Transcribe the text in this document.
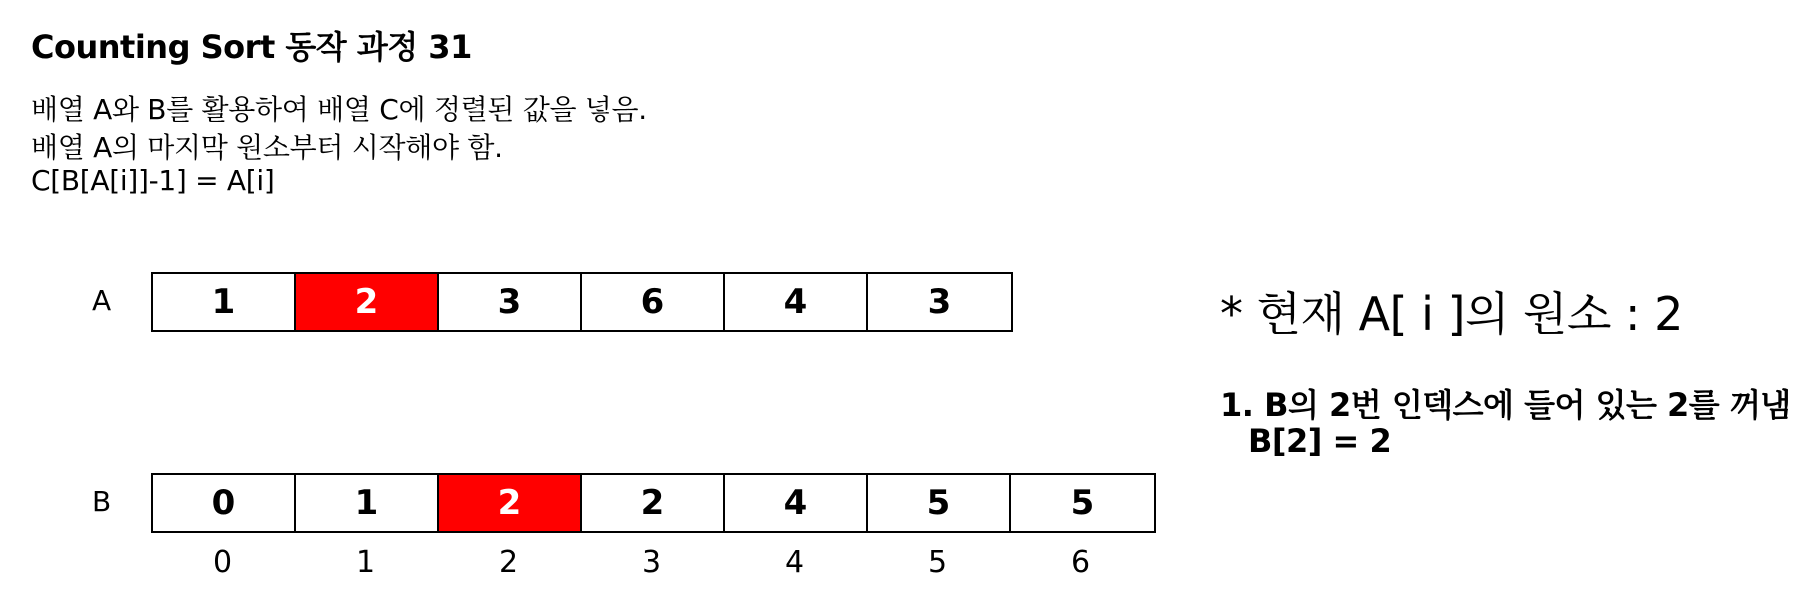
Counting Sort 동작 과정 31
배열 A와 B를 활용하여 배열 C에 정렬된 값을 넣음.
배열 A의 마지막 원소부터 시작해야 함.
C[B[A[i]]-1] = A[i]
A	1	2	3	6	4	3
B	0	1	2	2	4	5	5
0	1	2	3	4	5	6
* 현재 A[ i ]의 원소 : 2
1. B의 2번 인덱스에 들어 있는 2를 꺼냄
B[2] = 2
